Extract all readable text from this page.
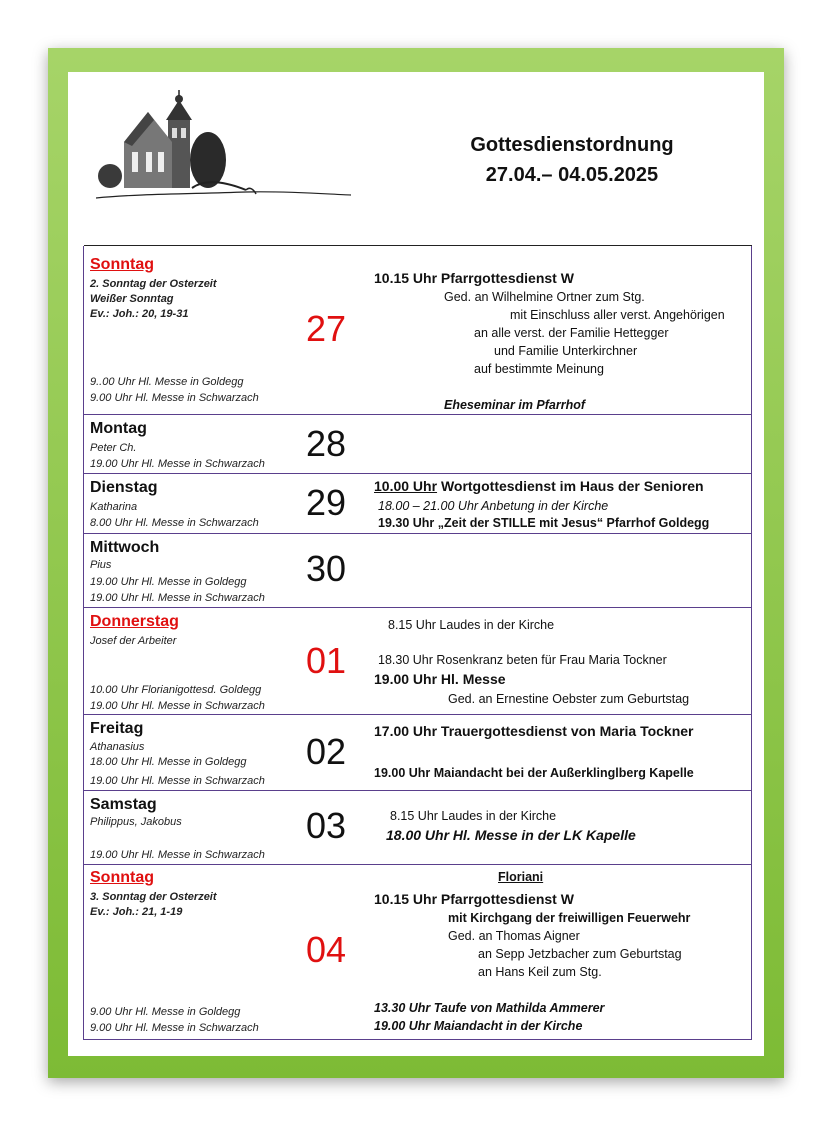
Gottesdienstordnung
27.04.– 04.05.2025
Sonntag
2. Sonntag der Osterzeit
Weißer Sonntag
Ev.: Joh.: 20, 19-31
9..00 Uhr Hl. Messe in Goldegg
9.00 Uhr Hl. Messe in Schwarzach
27
10.15 Uhr Pfarrgottesdienst W
Ged. an Wilhelmine Ortner zum Stg.
mit Einschluss aller verst. Angehörigen
an alle verst. der Familie Hettegger
und Familie Unterkirchner
auf bestimmte Meinung
Eheseminar im Pfarrhof
Montag
Peter Ch.
19.00 Uhr Hl. Messe in Schwarzach 28
Dienstag
Katharina
8.00 Uhr Hl. Messe in Schwarzach 29 10.00 Uhr Wortgottesdienst im Haus der Senioren
18.00 – 21.00 Uhr Anbetung in der Kirche
19.30 Uhr „Zeit der STILLE mit Jesus“ Pfarrhof Goldegg
Mittwoch
Pius
19.00 Uhr Hl. Messe in Goldegg
19.00 Uhr Hl. Messe in Schwarzach
30
Donnerstag
Josef der Arbeiter
10.00 Uhr Florianigottesd. Goldegg
19.00 Uhr Hl. Messe in Schwarzach
01
8.15 Uhr Laudes in der Kirche
18.30 Uhr Rosenkranz beten für Frau Maria Tockner
19.00 Uhr Hl. Messe
Ged. an Ernestine Oebster zum Geburtstag
Freitag
Athanasius
18.00 Uhr Hl. Messe in Goldegg
19.00 Uhr Hl. Messe in Schwarzach
02 17.00 Uhr Trauergottesdienst von Maria Tockner
19.00 Uhr Maiandacht bei der Außerklinglberg Kapelle
Samstag
Philippus, Jakobus
19.00 Uhr Hl. Messe in Schwarzach
03	8.15 Uhr Laudes in der Kirche
18.00 Uhr Hl. Messe in der LK Kapelle
Sonntag
3. Sonntag der Osterzeit
Ev.: Joh.: 21, 1-19
9.00 Uhr Hl. Messe in Goldegg
9.00 Uhr Hl. Messe in Schwarzach
04
Floriani
10.15 Uhr Pfarrgottesdienst W
mit Kirchgang der freiwilligen Feuerwehr
Ged. an Thomas Aigner
an Sepp Jetzbacher zum Geburtstag
an Hans Keil zum Stg.
13.30 Uhr Taufe von Mathilda Ammerer
19.00 Uhr Maiandacht in der Kirche
